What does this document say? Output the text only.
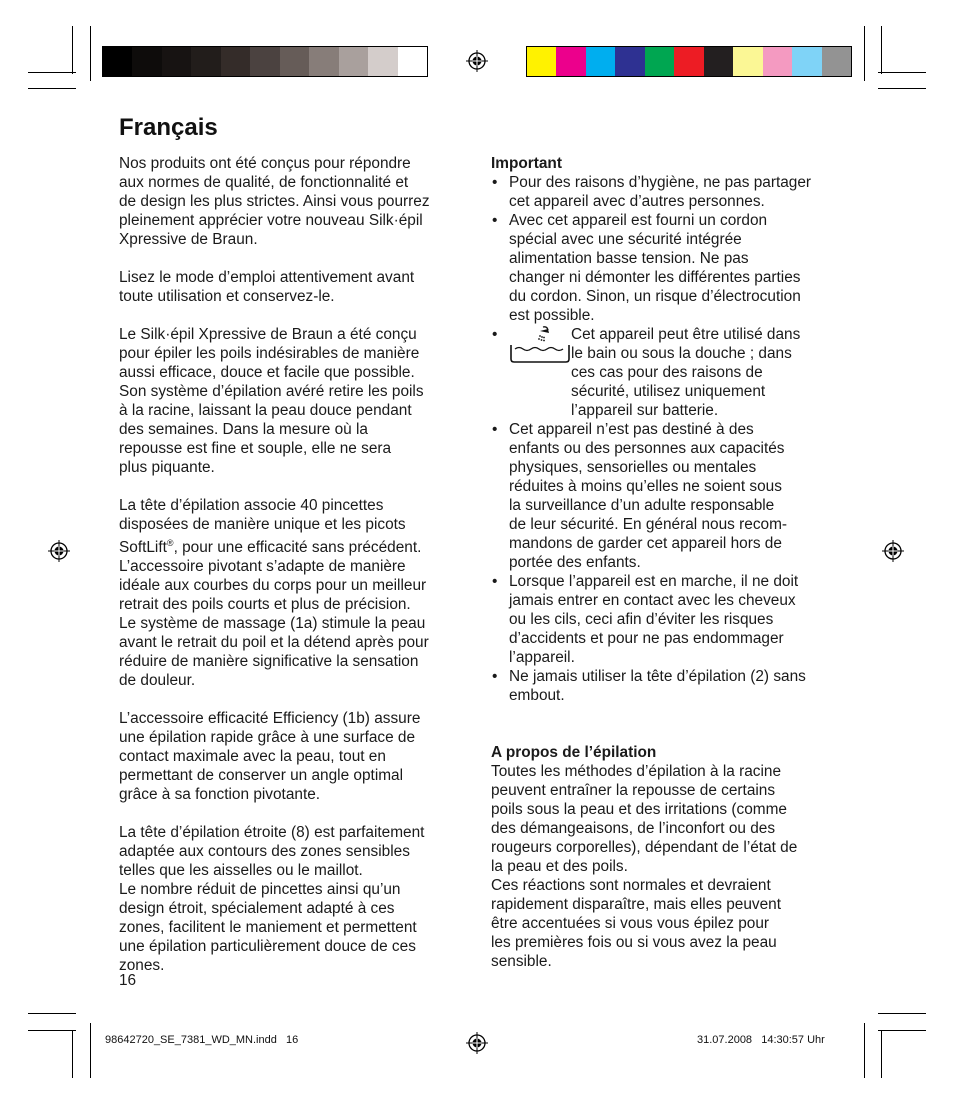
Français
Nos produits ont été conçus pour répondre
aux normes de qualité, de fonctionnalité et
de design les plus strictes. Ainsi vous pourrez
pleinement apprécier votre nouveau Silk·épil
Xpressive de Braun.
Lisez le mode d’emploi attentivement avant
toute utilisation et conservez-le.
Le Silk·épil Xpressive de Braun a été conçu
pour épiler les poils indésirables de manière
aussi efficace, douce et facile que possible.
Son système d’épilation avéré retire les poils
à la racine, laissant la peau douce pendant
des semaines. Dans la mesure où la
repousse est fine et souple, elle ne sera
plus piquante.
La tête d’épilation associe 40 pincettes
disposées de manière unique et les picots
SoftLift®, pour une efficacité sans précédent.
L’accessoire pivotant s’adapte de manière
idéale aux courbes du corps pour un meilleur
retrait des poils courts et plus de précision.
Le système de massage (1a) stimule la peau
avant le retrait du poil et la détend après pour
réduire de manière significative la sensation
de douleur.
L’accessoire efficacité Efficiency (1b) assure
une épilation rapide grâce à une surface de
contact maximale avec la peau, tout en
permettant de conserver un angle optimal
grâce à sa fonction pivotante.
La tête d’épilation étroite (8) est parfaitement
adaptée aux contours des zones sensibles
telles que les aisselles ou le maillot.
Le nombre réduit de pincettes ainsi qu’un
design étroit, spécialement adapté à ces
zones, facilitent le maniement et permettent
une épilation particulièrement douce de ces
zones.
Important
• Pour des raisons d’hygiène, ne pas partager
cet appareil avec d’autres personnes.
• Avec cet appareil est fourni un cordon
spécial avec une sécurité intégrée
alimentation basse tension. Ne pas
changer ni démonter les différentes parties
du cordon. Sinon, un risque d’électrocution
est possible.
•	Cet appareil peut être utilisé dans
le bain ou sous la douche ; dans
ces cas pour des raisons de
sécurité, utilisez uniquement
l’appareil sur batterie.
• Cet appareil n’est pas destiné à des
enfants ou des personnes aux capacités
physiques, sensorielles ou mentales
réduites à moins qu’elles ne soient sous
la surveillance d’un adulte responsable
de leur sécurité. En général nous recom-
mandons de garder cet appareil hors de
portée des enfants.
• Lorsque l’appareil est en marche, il ne doit
jamais entrer en contact avec les cheveux
ou les cils, ceci afin d’éviter les risques
d’accidents et pour ne pas endommager
l’appareil.
• Ne jamais utiliser la tête d’épilation (2) sans
embout.
A propos de l’épilation
Toutes les méthodes d’épilation à la racine
peuvent entraîner la repousse de certains
poils sous la peau et des irritations (comme
des démangeaisons, de l’inconfort ou des
rougeurs corporelles), dépendant de l’état de
la peau et des poils.
Ces réactions sont normales et devraient
rapidement disparaître, mais elles peuvent
être accentuées si vous vous épilez pour
les premières fois ou si vous avez la peau
sensible.
16
98642720_SE_7381_WD_MN.indd   16	31.07.2008   14:30:57 Uhr
